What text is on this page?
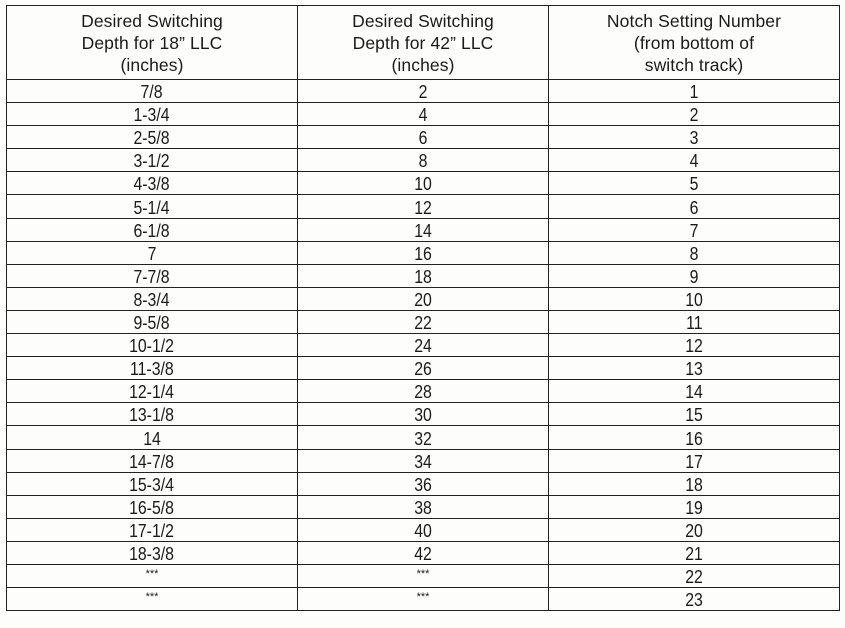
Desired Switching
Depth for 18” LLC
(inches)	Desired Switching
Depth for 42” LLC
(inches)	Notch Setting Number
(from bottom of
switch track)

7/8	2	1
1-3/4	4	2
2-5/8	6	3
3-1/2	8	4
4-3/8	10	5
5-1/4	12	6
6-1/8	14	7
7	16	8
7-7/8	18	9
8-3/4	20	10
9-5/8	22	11
10-1/2	24	12
11-3/8	26	13
12-1/4	28	14
13-1/8	30	15
14	32	16
14-7/8	34	17
15-3/4	36	18
16-5/8	38	19
17-1/2	40	20
18-3/8	42	21
***	***	22
***	***	23
